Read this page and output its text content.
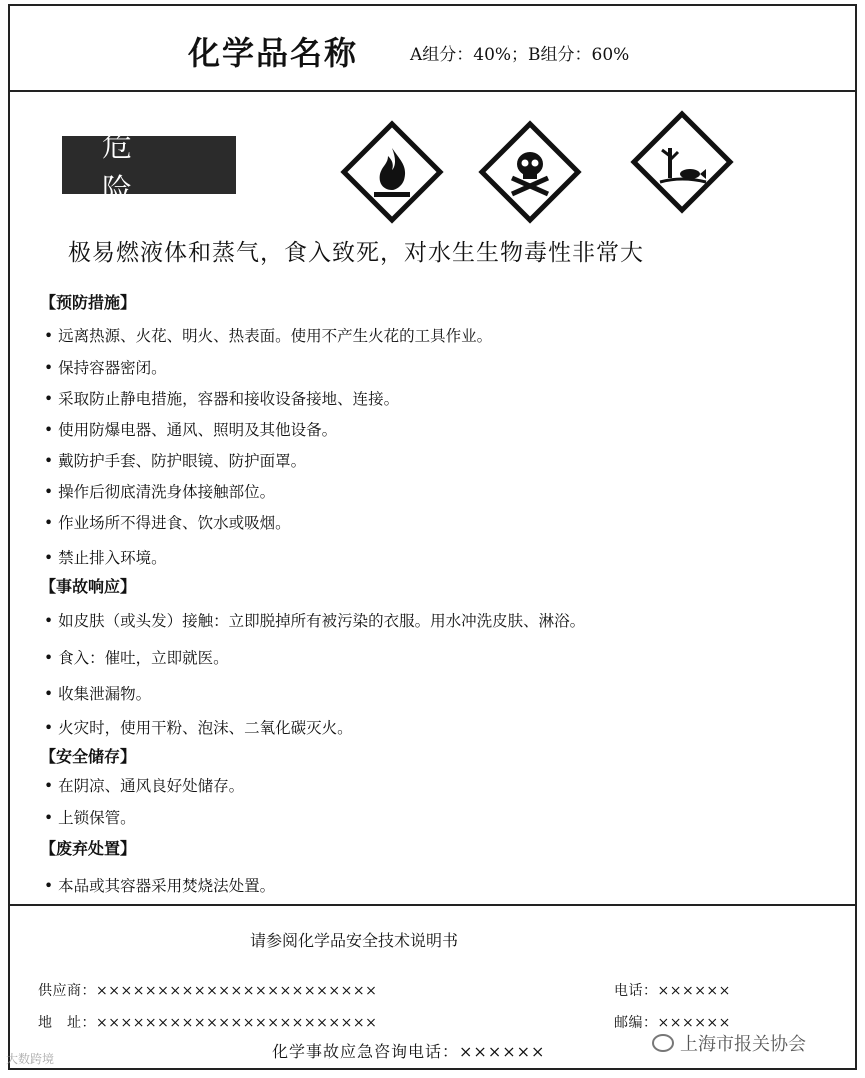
化学品名称	A组分：40%；B组分：60%
危 险
极易燃液体和蒸气，食入致死，对水生生物毒性非常大
【预防措施】
• 远离热源、火花、明火、热表面。使用不产生火花的工具作业。
• 保持容器密闭。
• 采取防止静电措施，容器和接收设备接地、连接。
• 使用防爆电器、通风、照明及其他设备。
• 戴防护手套、防护眼镜、防护面罩。
• 操作后彻底清洗身体接触部位。
• 作业场所不得进食、饮水或吸烟。
• 禁止排入环境。
【事故响应】
• 如皮肤（或头发）接触：立即脱掉所有被污染的衣服。用水冲洗皮肤、淋浴。
• 食入：催吐，立即就医。
• 收集泄漏物。
• 火灾时，使用干粉、泡沫、二氧化碳灭火。
【安全储存】
• 在阴凉、通风良好处储存。
• 上锁保管。
【废弃处置】
• 本品或其容器采用焚烧法处置。
请参阅化学品安全技术说明书
供应商：×××××××××××××××××××××××
地　址：×××××××××××××××××××××××
电话：××××××
邮编：××××××
化学事故应急咨询电话：××××××
大数跨境
上海市报关协会
